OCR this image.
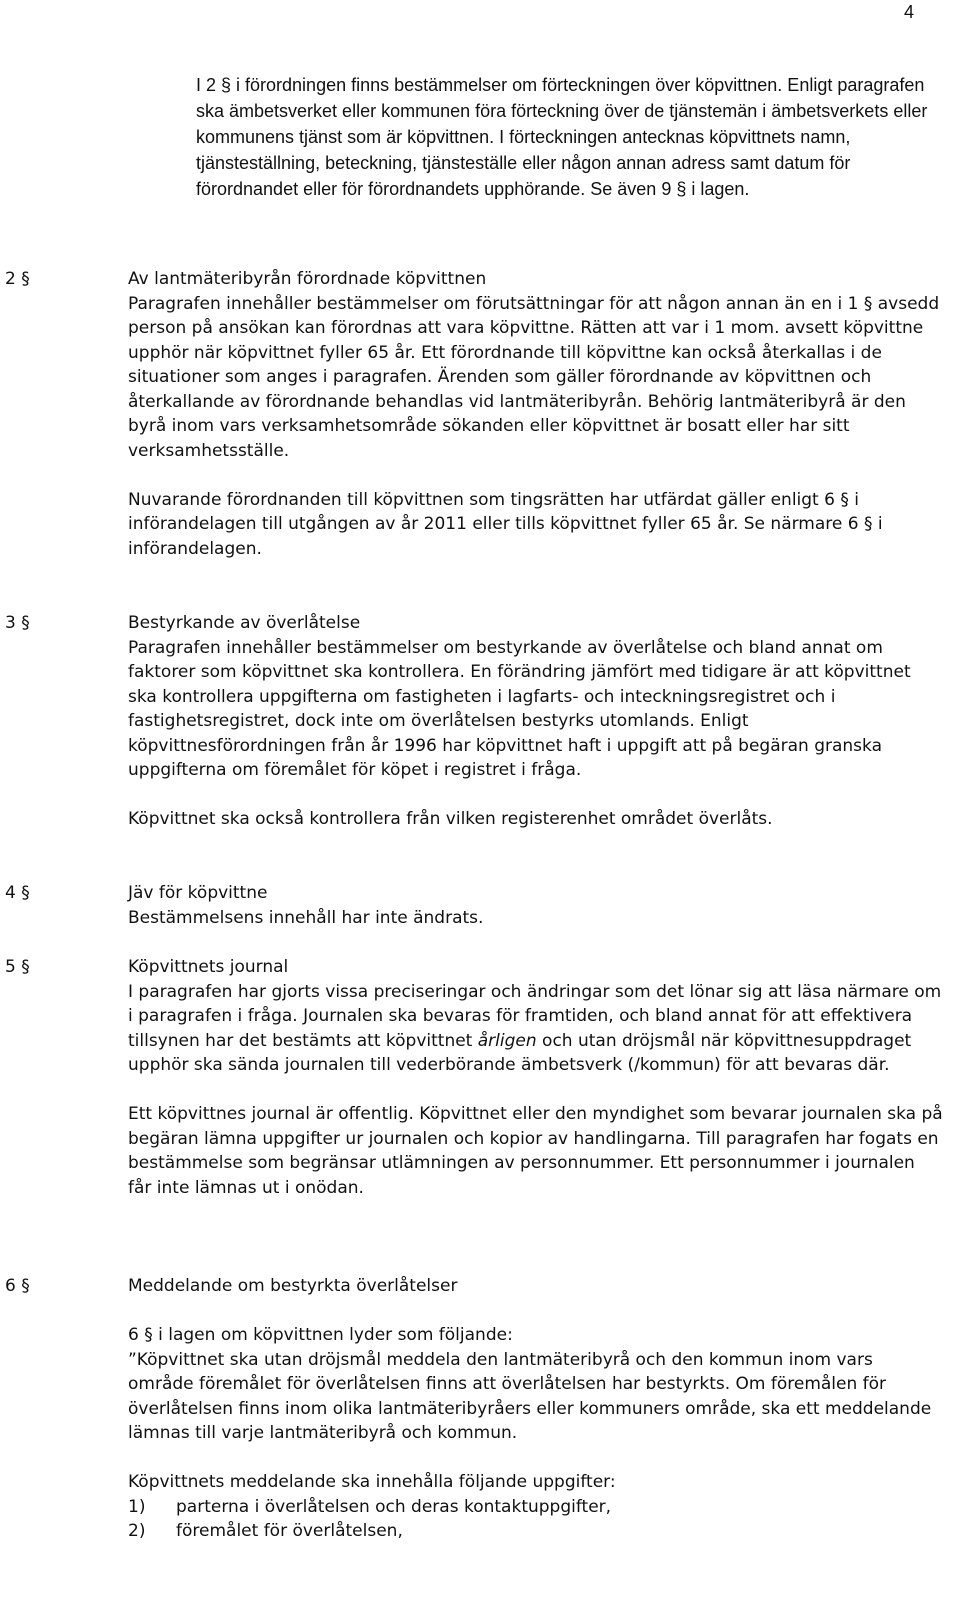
4

I 2 § i förordningen finns bestämmelser om förteckningen över köpvittnen. Enligt paragrafen ska ämbetsverket eller kommunen föra förteckning över de tjänstemän i ämbetsverkets eller kommunens tjänst som är köpvittnen. I förteckningen antecknas köpvittnets namn, tjänsteställning, beteckning, tjänsteställe eller någon annan adress samt datum för förordnandet eller för förordnandets upphörande. Se även 9 § i lagen.

2 §	Av lantmäteribyrån förordnade köpvittnen

Paragrafen innehåller bestämmelser om förutsättningar för att någon annan än en i 1 § avsedd person på ansökan kan förordnas att vara köpvittne. Rätten att var i 1 mom. avsett köpvittne upphör när köpvittnet fyller 65 år. Ett förordnande till köpvittne kan också återkallas i de situationer som anges i paragrafen. Ärenden som gäller förordnande av köpvittnen och återkallande av förordnande behandlas vid lantmäteribyrån. Behörig lantmäteribyrå är den byrå inom vars verksamhetsområde sökanden eller köpvittnet är bosatt eller har sitt verksamhetsställe.

Nuvarande förordnanden till köpvittnen som tingsrätten har utfärdat gäller enligt 6 § i införandelagen till utgången av år 2011 eller tills köpvittnet fyller 65 år. Se närmare 6 § i införandelagen.

3 §	Bestyrkande av överlåtelse

Paragrafen innehåller bestämmelser om bestyrkande av överlåtelse och bland annat om faktorer som köpvittnet ska kontrollera. En förändring jämfört med tidigare är att köpvittnet ska kontrollera uppgifterna om fastigheten i lagfarts- och inteckningsregistret och i fastighetsregistret, dock inte om överlåtelsen bestyrks utomlands. Enligt köpvittnesförordningen från år 1996 har köpvittnet haft i uppgift att på begäran granska uppgifterna om föremålet för köpet i registret i fråga.

Köpvittnet ska också kontrollera från vilken registerenhet området överlåts.

4 §	Jäv för köpvittne

Bestämmelsens innehåll har inte ändrats.

5 §	Köpvittnets journal

I paragrafen har gjorts vissa preciseringar och ändringar som det lönar sig att läsa närmare om i paragrafen i fråga. Journalen ska bevaras för framtiden, och bland annat för att effektivera tillsynen har det bestämts att köpvittnet årligen och utan dröjsmål när köpvittnesuppdraget upphör ska sända journalen till vederbörande ämbetsverk (/kommun) för att bevaras där.

Ett köpvittnes journal är offentlig. Köpvittnet eller den myndighet som bevarar journalen ska på begäran lämna uppgifter ur journalen och kopior av handlingarna. Till paragrafen har fogats en bestämmelse som begränsar utlämningen av personnummer. Ett personnummer i journalen får inte lämnas ut i onödan.

6 §	Meddelande om bestyrkta överlåtelser

6 § i lagen om köpvittnen lyder som följande:

”Köpvittnet ska utan dröjsmål meddela den lantmäteribyrå och den kommun inom vars område föremålet för överlåtelsen finns att överlåtelsen har bestyrkts. Om föremålen för överlåtelsen finns inom olika lantmäteribyråers eller kommuners område, ska ett meddelande lämnas till varje lantmäteribyrå och kommun.

Köpvittnets meddelande ska innehålla följande uppgifter:

1)	parterna i överlåtelsen och deras kontaktuppgifter,
2)	föremålet för överlåtelsen,
